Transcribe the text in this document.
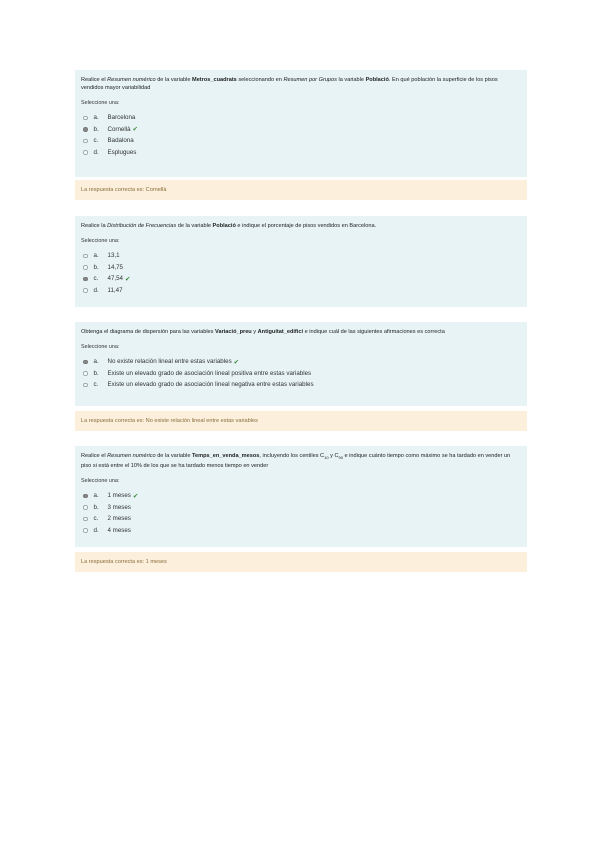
Realice el Resumen numérico de la variable Metros_cuadrats seleccionando en Resumen por Grupos la variable Població. En qué población la superficie de los pisos vendidos mayor variabilidad
Seleccione una:
a.	Barcelona
b.	Cornellà ✔
c.	Badalona
d.	Esplugues
La respuesta correcta es: Cornellà
Realice la Distribución de Frecuencias de la variable Població e indique el porcentaje de pisos vendidos en Barcelona.
Seleccione una:
a.	13,1
b.	14,75
c.	47,54 ✔
d.	11,47
Obtenga el diagrama de dispersión para las variables Variació_preu y Antiguitat_edifici e indique cuál de las siguientes afirmaciones es correcta
Seleccione una:
a.	No existe relación lineal entre estas variables ✔
b.	Existe un elevado grado de asociación lineal positiva entre estas variables
c.	Existe un elevado grado de asociación lineal negativa entre estas variables
La respuesta correcta es: No existe relación lineal entre estas variables
Realice el Resumen numérico de la variable Temps_en_venda_mesos, incluyendo los centiles $C_{10}$ y $C_{90}$ e indique cuánto tiempo como máximo se ha tardado en vender un piso si está entre el 10% de los que se ha tardado menos tiempo en vender
Seleccione una:
a.	1 meses ✔
b.	3 meses
c.	2 meses
d.	4 meses
La respuesta correcta es: 1 meses
